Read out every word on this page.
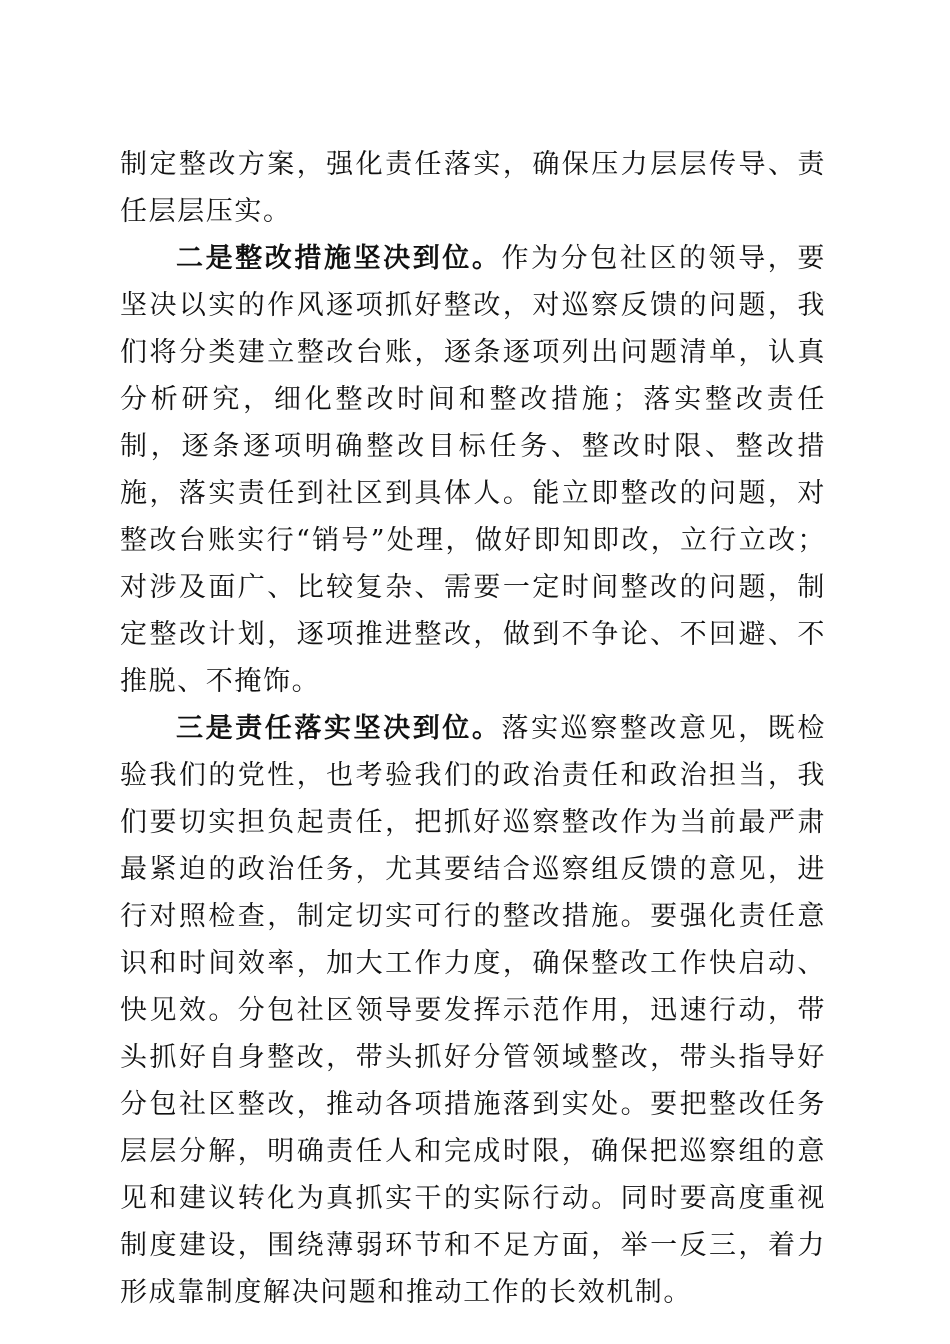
制定整改方案，强化责任落实，确保压力层层传导、责任层层压实。

二是整改措施坚决到位。作为分包社区的领导，要坚决以实的作风逐项抓好整改，对巡察反馈的问题，我们将分类建立整改台账，逐条逐项列出问题清单，认真分析研究，细化整改时间和整改措施；落实整改责任制，逐条逐项明确整改目标任务、整改时限、整改措施，落实责任到社区到具体人。能立即整改的问题，对整改台账实行“销号”处理，做好即知即改，立行立改；对涉及面广、比较复杂、需要一定时间整改的问题，制定整改计划，逐项推进整改，做到不争论、不回避、不推脱、不掩饰。

三是责任落实坚决到位。落实巡察整改意见，既检验我们的党性，也考验我们的政治责任和政治担当，我们要切实担负起责任，把抓好巡察整改作为当前最严肃最紧迫的政治任务，尤其要结合巡察组反馈的意见，进行对照检查，制定切实可行的整改措施。要强化责任意识和时间效率，加大工作力度，确保整改工作快启动、快见效。分包社区领导要发挥示范作用，迅速行动，带头抓好自身整改，带头抓好分管领域整改，带头指导好分包社区整改，推动各项措施落到实处。要把整改任务层层分解，明确责任人和完成时限，确保把巡察组的意见和建议转化为真抓实干的实际行动。同时要高度重视制度建设，围绕薄弱环节和不足方面，举一反三，着力形成靠制度解决问题和推动工作的长效机制。
